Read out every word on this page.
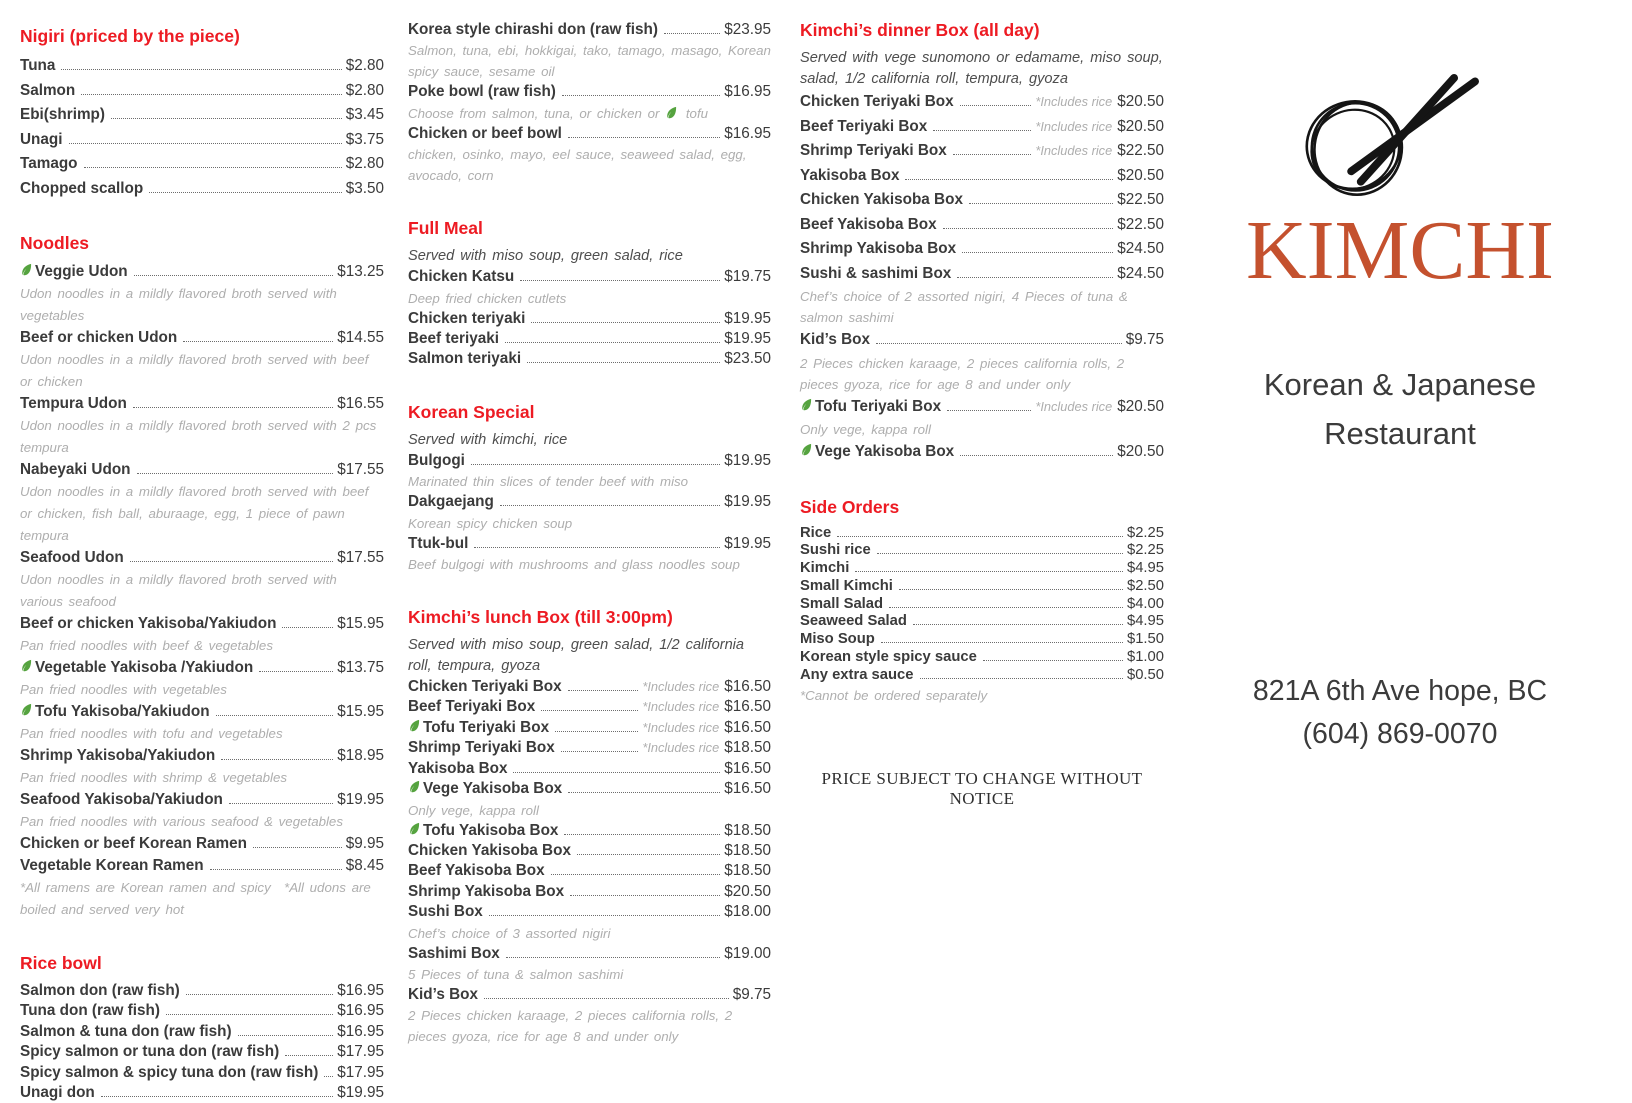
Nigiri (priced by the piece)
Tuna	$2.80
Salmon	$2.80
Ebi(shrimp)	$3.45
Unagi	$3.75
Tamago	$2.80
Chopped scallop	$3.50
Noodles
Veggie Udon	$13.25
Udon noodles in a mildly flavored broth served with vegetables
Beef or chicken Udon	$14.55
Udon noodles in a mildly flavored broth served with beef or chicken
Tempura Udon	$16.55
Udon noodles in a mildly flavored broth served with 2 pcs tempura
Nabeyaki Udon	$17.55
Udon noodles in a mildly flavored broth served with beef or chicken, fish ball, aburaage, egg, 1 piece of pawn tempura
Seafood Udon	$17.55
Udon noodles in a mildly flavored broth served with various seafood
Beef or chicken Yakisoba/Yakiudon	$15.95
Pan fried noodles with beef & vegetables
Vegetable Yakisoba /Yakiudon	$13.75
Pan fried noodles with vegetables
Tofu Yakisoba/Yakiudon	$15.95
Pan fried noodles with tofu and vegetables
Shrimp Yakisoba/Yakiudon	$18.95
Pan fried noodles with shrimp & vegetables
Seafood Yakisoba/Yakiudon	$19.95
Pan fried noodles with various seafood & vegetables
Chicken or beef Korean Ramen	$9.95
Vegetable Korean Ramen	$8.45
*All ramens are Korean ramen and spicy  *All udons are boiled and served very hot
Rice bowl
Salmon don (raw fish)	$16.95
Tuna don (raw fish)	$16.95
Salmon & tuna don (raw fish)	$16.95
Spicy salmon or tuna don (raw fish)	$17.95
Spicy salmon & spicy tuna don (raw fish) $17.95
Unagi don	$19.95
Korea style chirashi don (raw fish)	$23.95
Salmon, tuna, ebi, hokkigai, tako, tamago, masago, Korean spicy sauce, sesame oil
Poke bowl (raw fish)	$16.95
Choose from salmon, tuna, or chicken or
tofu
Chicken or beef bowl	$16.95
chicken, osinko, mayo, eel sauce, seaweed salad, egg, avocado, corn
Full Meal
Served with miso soup, green salad, rice
Chicken Katsu	$19.75
Deep fried chicken cutlets
Chicken teriyaki	$19.95
Beef teriyaki	$19.95
Salmon teriyaki	$23.50
Korean Special
Served with kimchi, rice
Bulgogi	$19.95
Marinated thin slices of tender beef with miso
Dakgaejang	$19.95
Korean spicy chicken soup
Ttuk-bul	$19.95
Beef bulgogi with mushrooms and glass noodles soup
Kimchi’s lunch Box (till 3:00pm)
Served with miso soup, green salad, 1/2 california roll, tempura, gyoza
Chicken Teriyaki Box	*Includes rice $16.50
Beef Teriyaki Box	*Includes rice $16.50
Tofu Teriyaki Box	*Includes rice $16.50
Shrimp Teriyaki Box	*Includes rice $18.50
Yakisoba Box	$16.50
Vege Yakisoba Box	$16.50
Only vege, kappa roll
Tofu Yakisoba Box	$18.50
Chicken Yakisoba Box	$18.50
Beef Yakisoba Box	$18.50
Shrimp Yakisoba Box	$20.50
Sushi Box	$18.00
Chef’s choice of 3 assorted nigiri
Sashimi Box	$19.00
5 Pieces of tuna & salmon sashimi
Kid’s Box	$9.75
2 Pieces chicken karaage, 2 pieces california rolls, 2 pieces gyoza, rice for age 8 and under only
Kimchi’s dinner Box (all day)
Served with vege sunomono or edamame, miso soup, salad, 1/2 california roll, tempura, gyoza
Chicken Teriyaki Box	*Includes rice $20.50
Beef Teriyaki Box	*Includes rice $20.50
Shrimp Teriyaki Box	*Includes rice $22.50
Yakisoba Box	$20.50
Chicken Yakisoba Box	$22.50
Beef Yakisoba Box	$22.50
Shrimp Yakisoba Box	$24.50
Sushi & sashimi Box	$24.50
Chef’s choice of 2 assorted nigiri, 4 Pieces of tuna & salmon sashimi
Kid’s Box	$9.75
2 Pieces chicken karaage, 2 pieces california rolls, 2 pieces gyoza, rice for age 8 and under only
Tofu Teriyaki Box	*Includes rice $20.50
Only vege, kappa roll
Vege Yakisoba Box	$20.50
Side Orders
Rice	$2.25
Sushi rice	$2.25
Kimchi	$4.95
Small Kimchi	$2.50
Small Salad	$4.00
Seaweed Salad	$4.95
Miso Soup	$1.50
Korean style spicy sauce	$1.00
Any extra sauce	$0.50
*Cannot be ordered separately
PRICE SUBJECT TO CHANGE WITHOUT NOTICE
KIMCHI
Korean & Japanese
Restaurant
821A 6th Ave hope, BC
(604) 869-0070
